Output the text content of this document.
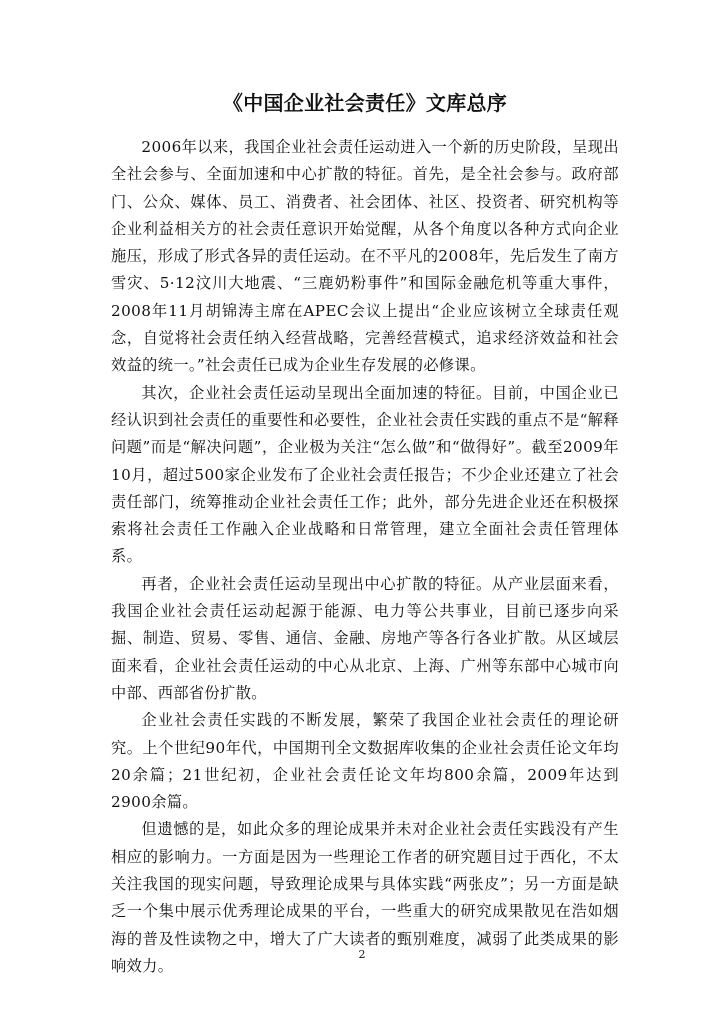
《中国企业社会责任》文库总序

2006年以来，我国企业社会责任运动进入一个新的历史阶段，呈现出全社会参与、全面加速和中心扩散的特征。首先，是全社会参与。政府部门、公众、媒体、员工、消费者、社会团体、社区、投资者、研究机构等企业利益相关方的社会责任意识开始觉醒，从各个角度以各种方式向企业施压，形成了形式各异的责任运动。在不平凡的2008年，先后发生了南方雪灾、5·12汶川大地震、“三鹿奶粉事件”和国际金融危机等重大事件，2008年11月胡锦涛主席在APEC会议上提出“企业应该树立全球责任观念，自觉将社会责任纳入经营战略，完善经营模式，追求经济效益和社会效益的统一。”社会责任已成为企业生存发展的必修课。

其次，企业社会责任运动呈现出全面加速的特征。目前，中国企业已经认识到社会责任的重要性和必要性，企业社会责任实践的重点不是“解释问题”而是“解决问题”，企业极为关注“怎么做”和“做得好”。截至2009年10月，超过500家企业发布了企业社会责任报告；不少企业还建立了社会责任部门，统筹推动企业社会责任工作；此外，部分先进企业还在积极探索将社会责任工作融入企业战略和日常管理，建立全面社会责任管理体系。

再者，企业社会责任运动呈现出中心扩散的特征。从产业层面来看，我国企业社会责任运动起源于能源、电力等公共事业，目前已逐步向采掘、制造、贸易、零售、通信、金融、房地产等各行各业扩散。从区域层面来看，企业社会责任运动的中心从北京、上海、广州等东部中心城市向中部、西部省份扩散。

企业社会责任实践的不断发展，繁荣了我国企业社会责任的理论研究。上个世纪90年代，中国期刊全文数据库收集的企业社会责任论文年均20余篇；21世纪初，企业社会责任论文年均800余篇，2009年达到2900余篇。

但遗憾的是，如此众多的理论成果并未对企业社会责任实践没有产生相应的影响力。一方面是因为一些理论工作者的研究题目过于西化，不太关注我国的现实问题，导致理论成果与具体实践“两张皮”；另一方面是缺乏一个集中展示优秀理论成果的平台，一些重大的研究成果散见在浩如烟海的普及性读物之中，增大了广大读者的甄别难度，减弱了此类成果的影响效力。

2
